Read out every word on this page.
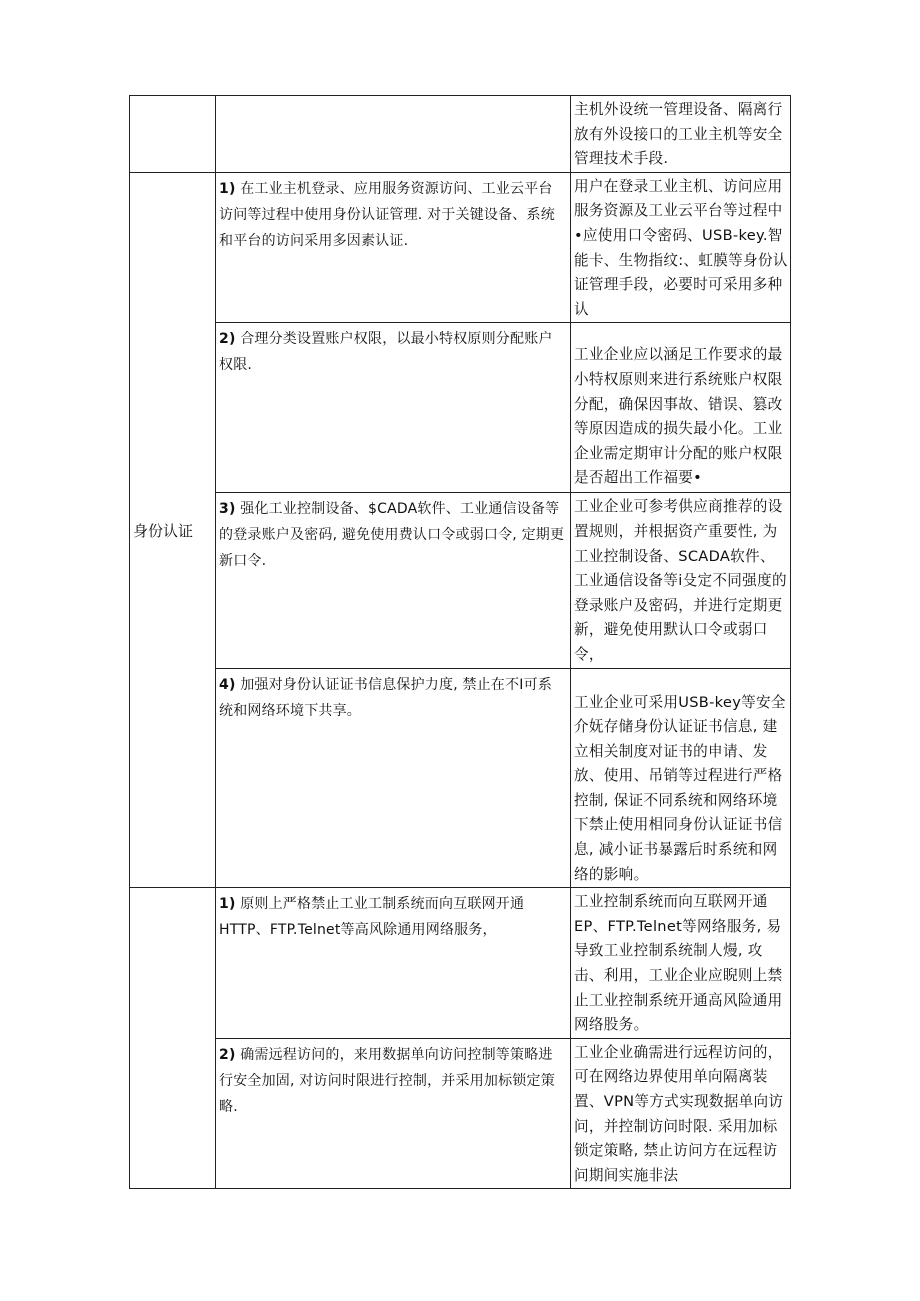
		主机外设统一管理设备、隔离行放有外设接口的工业主机等安全管理技术手段.
身份认证	1) 在工业主机登录、应用服务资源访问、工业云平台访问等过程中使用身份认证管理. 对于关键设备、系统和平台的访问采用多因素认证.	用户在登录工业主机、访问应用服务资源及工业云平台等过程中•应使用口令密码、USB-key.智能卡、生物指纹:、虹膜等身份认证管理手段，必要时可采用多种认
	2) 合理分类设置账户权限，以最小特权原则分配账户权限.	工业企业应以涵足工作要求的最小特权原则来进行系统账户权限分配，确保因事故、错误、篡改等原因造成的损失最小化。工业企业需定期审计分配的账户权限是否超出工作福要•

	3) 强化工业控制设备、$CADA软件、工业通信设备等的登录账户及密码, 避免使用费认口令或弱口令, 定期更新口令.	工业企业可参考供应商推荐的设置规则，并根据资产重要性, 为工业控制设备、SCADA软件、工业通信设备等i殳定不同强度的登录账户及密码，并进行定期更新，避免使用默认口令或弱口令，
	4) 加强对身份认证证书信息保护力度, 禁止在不I可系统和网络环境下共享。	工业企业可采用USB-key等安全介妩存储身份认证证书信息, 建立相关制度对证书的申请、发放、使用、吊销等过程进行严格控制, 保证不同系统和网络环境下禁止使用相同身份认证证书信息, 减小证书暴露后时系统和网络的影响。

	1) 原则上严格禁止工业工制系统而向互联网开通HTTP、FTP.Telnet等高风除通用网络服务，	工业控制系统而向互联网开通EP、FTP.Telnet等网络服务, 易导致工业控制系统制人熳, 攻击、利用，工业企业应睨则上禁止工业控制系统开通高风险通用网络股务。
	2) 确需远程访问的，来用数据单向访问控制等策略进行安全加固, 对访问时限进行控制，并采用加标锁定策略.	工业企业确需进行远程访问的，可在网络边界使用单向隔离装置、VPN等方式实现数据单向访问，并控制访问时限. 采用加标锁定策略, 禁止访问方在远程访问期间实施非法
